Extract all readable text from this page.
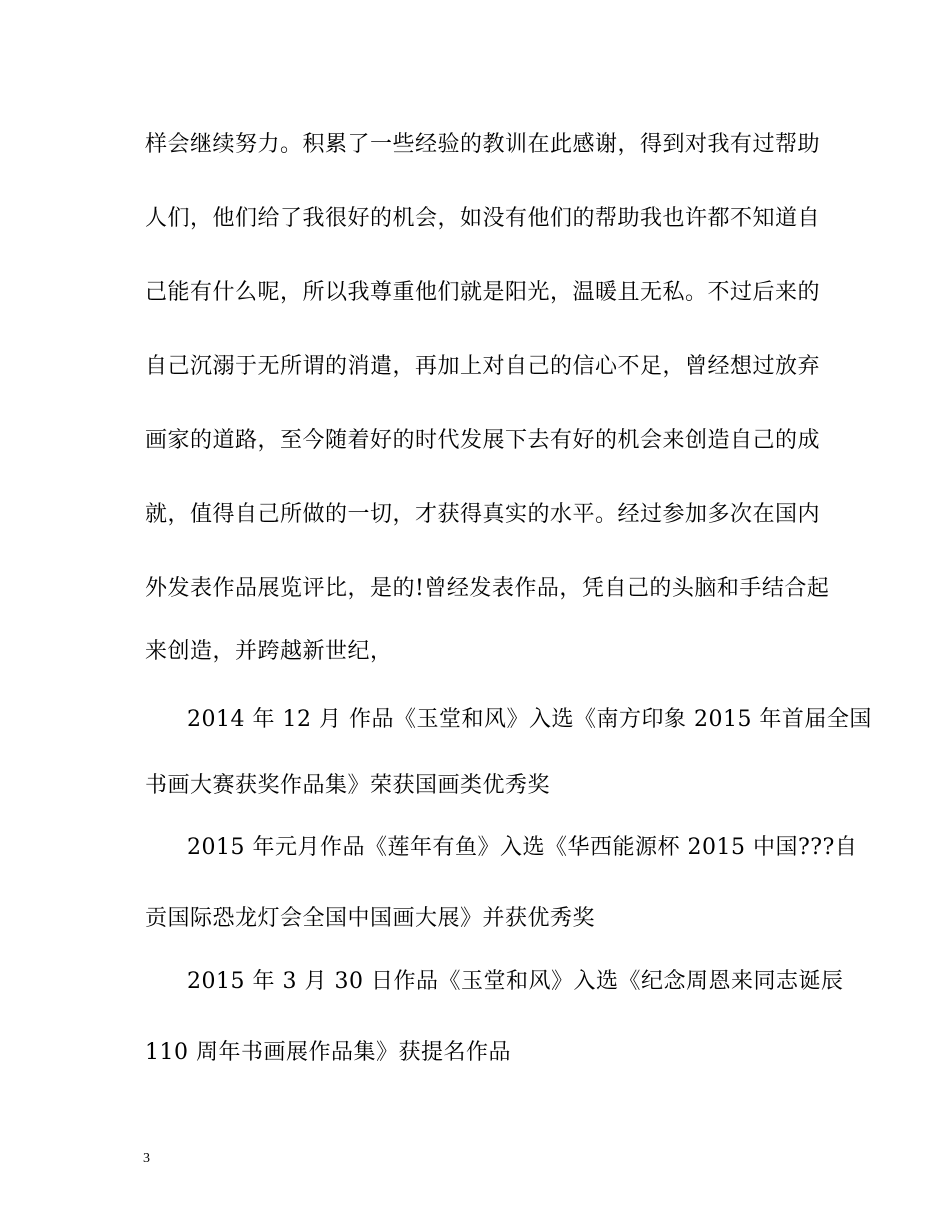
样会继续努力。积累了一些经验的教训在此感谢，得到对我有过帮助
人们，他们给了我很好的机会，如没有他们的帮助我也许都不知道自
己能有什么呢，所以我尊重他们就是阳光，温暖且无私。不过后来的
自己沉溺于无所谓的消遣，再加上对自己的信心不足，曾经想过放弃
画家的道路，至今随着好的时代发展下去有好的机会来创造自己的成
就，值得自己所做的一切，才获得真实的水平。经过参加多次在国内
外发表作品展览评比，是的!曾经发表作品，凭自己的头脑和手结合起
来创造，并跨越新世纪，
2014 年 12 月 作品《玉堂和风》入选《南方印象 2015 年首届全国
书画大赛获奖作品集》荣获国画类优秀奖
2015 年元月作品《莲年有鱼》入选《华西能源杯 2015 中国???自
贡国际恐龙灯会全国中国画大展》并获优秀奖
2015 年 3 月 30 日作品《玉堂和风》入选《纪念周恩来同志诞辰
110 周年书画展作品集》获提名作品
3
